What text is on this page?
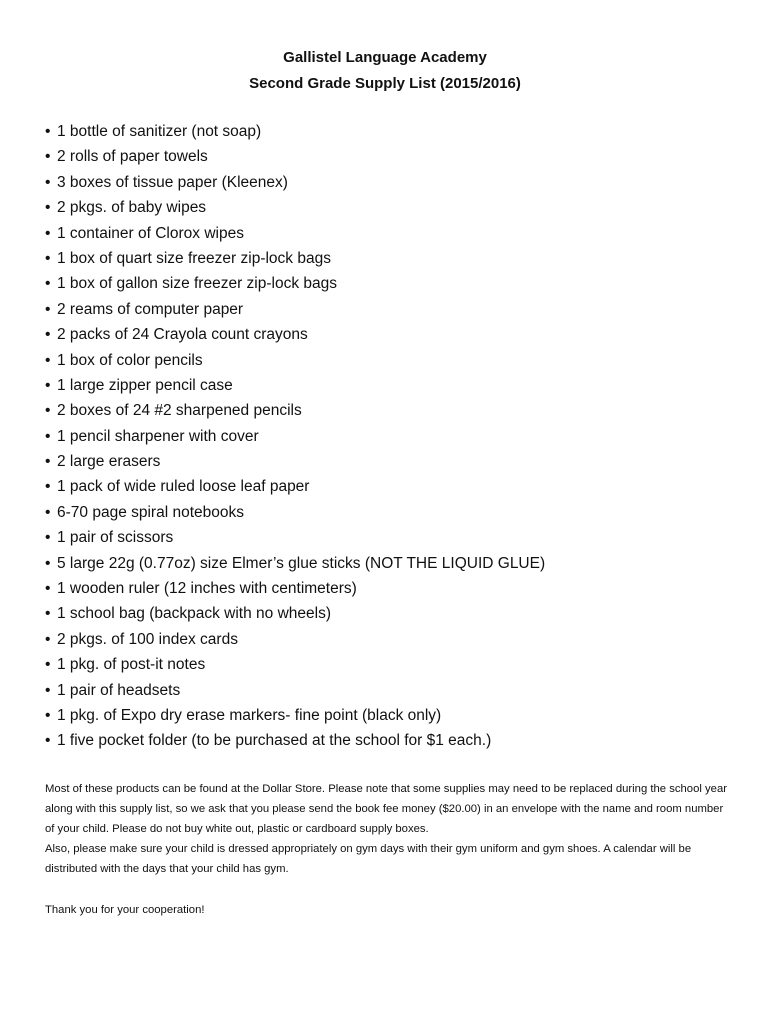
Gallistel Language Academy
Second Grade Supply List (2015/2016)
• 1 bottle of sanitizer (not soap)
• 2 rolls of paper towels
• 3 boxes of tissue paper (Kleenex)
• 2 pkgs. of baby wipes
• 1 container of Clorox wipes
• 1 box of quart size freezer zip-lock bags
• 1 box of gallon size freezer zip-lock bags
• 2 reams of computer paper
• 2 packs of 24 Crayola count crayons
• 1 box of color pencils
• 1 large zipper pencil case
• 2 boxes of 24 #2 sharpened pencils
• 1 pencil sharpener with cover
• 2 large erasers
• 1 pack of wide ruled loose leaf paper
• 6-70 page spiral notebooks
• 1 pair of scissors
• 5 large 22g (0.77oz) size Elmer’s glue sticks (NOT THE LIQUID GLUE)
• 1 wooden ruler (12 inches with centimeters)
• 1 school bag (backpack with no wheels)
• 2 pkgs. of 100 index cards
• 1 pkg. of post-it notes
• 1 pair of headsets
• 1 pkg. of Expo dry erase markers- fine point (black only)
• 1 five pocket folder (to be purchased at the school for $1 each.)

Most of these products can be found at the Dollar Store. Please note that some supplies may need to be replaced during the school year along with this supply list, so we ask that you please send the book fee money ($20.00) in an envelope with the name and room number of your child. Please do not buy white out, plastic or cardboard supply boxes.

Also, please make sure your child is dressed appropriately on gym days with their gym uniform and gym shoes. A calendar will be distributed with the days that your child has gym.

Thank you for your cooperation!
